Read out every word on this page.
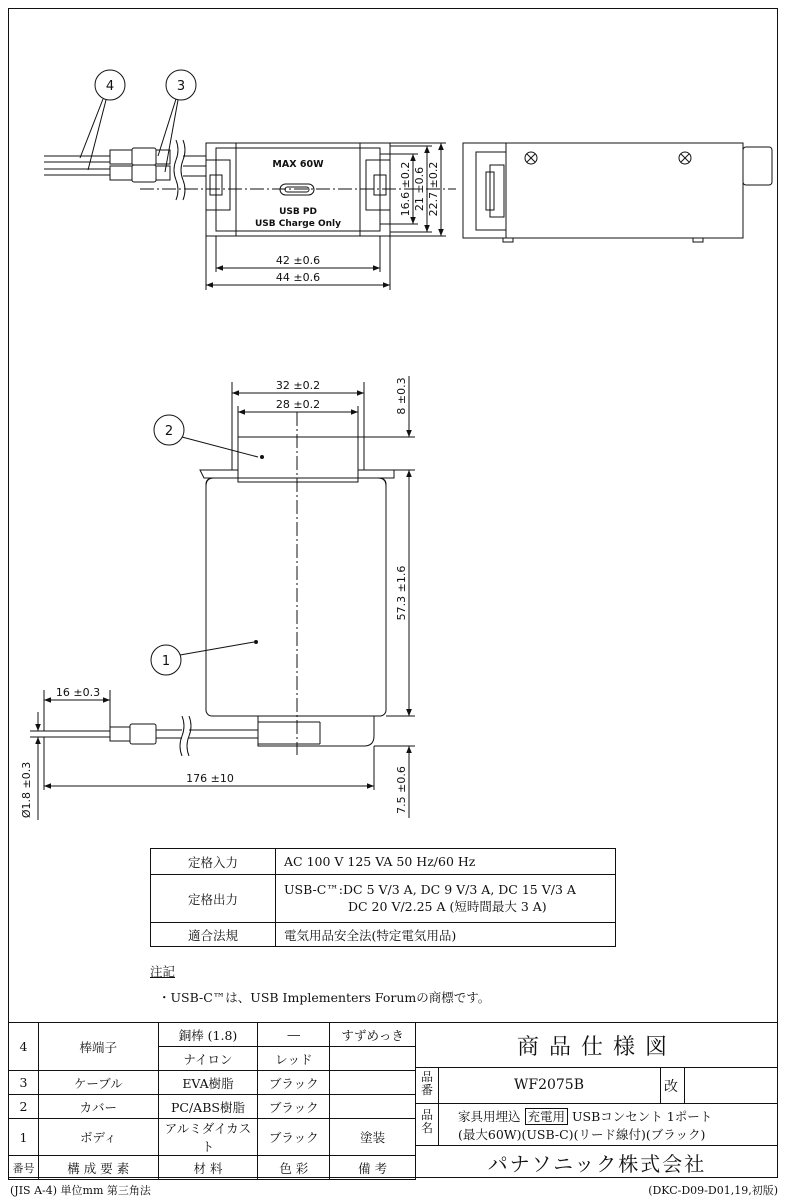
MAX 60W
USB PD
USB Charge Only
42 ±0.6
44 ±0.6
16.6 ±0.2 21 ±0.6 22.7 ±0.2
4	3
32 ±0.2
28 ±0.2	8 ±0.3
57.3 ±1.6
16 ±0.3
176 ±10
Ø1.8 ±0.3	7.5 ±0.6
1
2
定格入力	AC 100 V 125 VA 50 Hz/60 Hz
定格出力	USB-C™:DC 5 V/3 A, DC 9 V/3 A, DC 15 V/3 A
DC 20 V/2.25 A (短時間最大 3 A)

適合法規	電気用品安全法(特定電気用品)
注記
・USB-C™は、USB Implementers Forumの商標です。
4	棒端子	銅棒 (1.8)	―	すずめっき
		ナイロン	レッド	
3	ケーブル	EVA樹脂	ブラック	
2	カバー	PC/ABS樹脂	ブラック	
1	ボディ	アルミダイカスト	ブラック	塗装
番号	構 成 要 素	材 料	色 彩	備 考
商品仕様図
品番	WF2075B	改
品名
家具用埋込 充電用 USBコンセント 1ポート
(最大60W)(USB-C)(リード線付)(ブラック)
パナソニック株式会社
(JIS A-4) 単位mm 第三角法	(DKC-D09-D01,19,初版)
